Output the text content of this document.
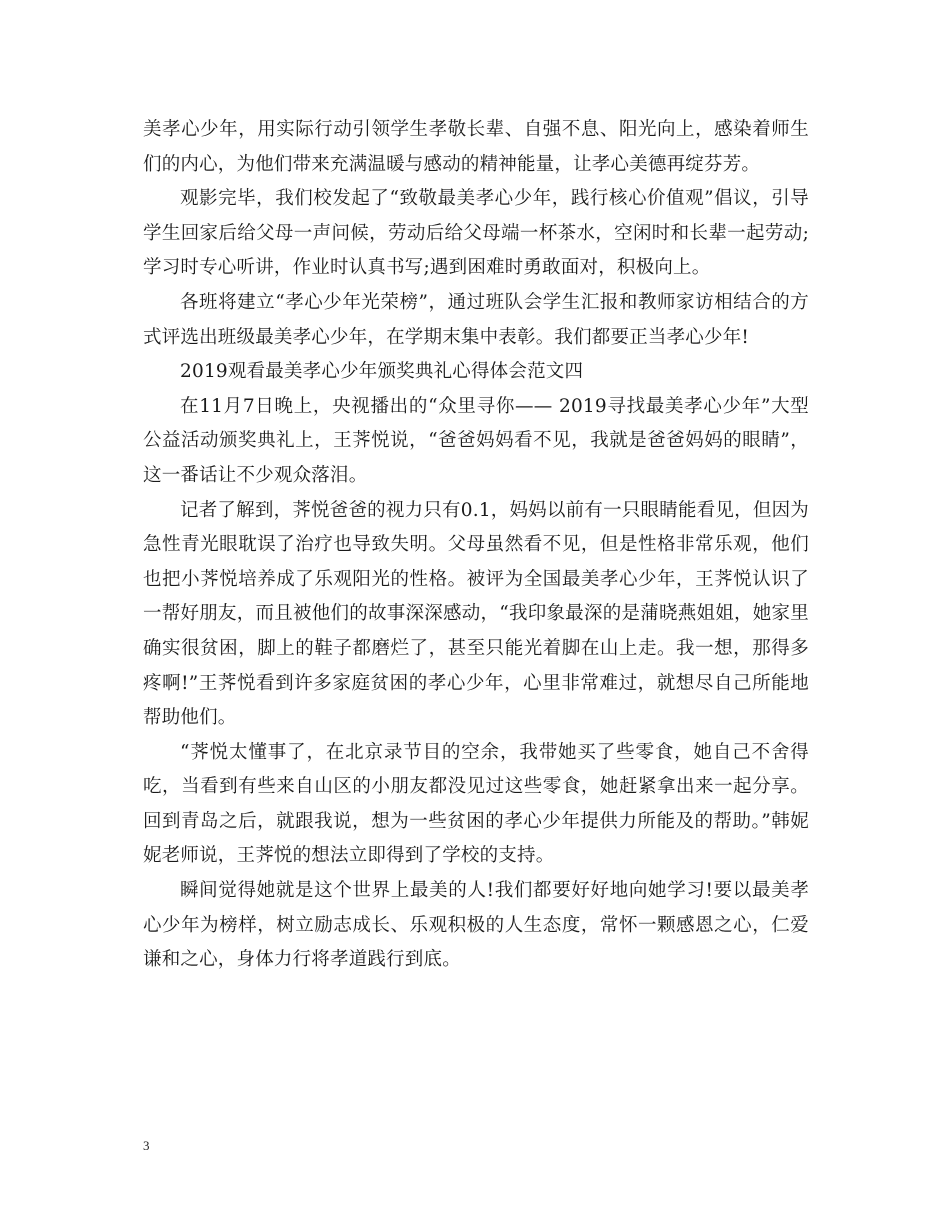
美孝心少年，用实际行动引领学生孝敬长辈、自强不息、阳光向上，感染着师生们的内心，为他们带来充满温暖与感动的精神能量，让孝心美德再绽芬芳。

观影完毕，我们校发起了“致敬最美孝心少年，践行核心价值观”倡议，引导学生回家后给父母一声问候，劳动后给父母端一杯茶水，空闲时和长辈一起劳动;学习时专心听讲，作业时认真书写;遇到困难时勇敢面对，积极向上。

各班将建立“孝心少年光荣榜”，通过班队会学生汇报和教师家访相结合的方式评选出班级最美孝心少年，在学期末集中表彰。我们都要正当孝心少年!

2019观看最美孝心少年颁奖典礼心得体会范文四

在11月7日晚上，央视播出的“众里寻你—— 2019寻找最美孝心少年”大型公益活动颁奖典礼上，王荠悦说，“爸爸妈妈看不见，我就是爸爸妈妈的眼睛”，这一番话让不少观众落泪。

记者了解到，荠悦爸爸的视力只有0.1，妈妈以前有一只眼睛能看见，但因为急性青光眼耽误了治疗也导致失明。父母虽然看不见，但是性格非常乐观，他们也把小荠悦培养成了乐观阳光的性格。被评为全国最美孝心少年，王荠悦认识了一帮好朋友，而且被他们的故事深深感动，“我印象最深的是蒲晓燕姐姐，她家里确实很贫困，脚上的鞋子都磨烂了，甚至只能光着脚在山上走。我一想，那得多疼啊!”王荠悦看到许多家庭贫困的孝心少年，心里非常难过，就想尽自己所能地帮助他们。

“荠悦太懂事了，在北京录节目的空余，我带她买了些零食，她自己不舍得吃，当看到有些来自山区的小朋友都没见过这些零食，她赶紧拿出来一起分享。回到青岛之后，就跟我说，想为一些贫困的孝心少年提供力所能及的帮助。”韩妮妮老师说，王荠悦的想法立即得到了学校的支持。

瞬间觉得她就是这个世界上最美的人!我们都要好好地向她学习!要以最美孝心少年为榜样，树立励志成长、乐观积极的人生态度，常怀一颗感恩之心，仁爱谦和之心，身体力行将孝道践行到底。

3
